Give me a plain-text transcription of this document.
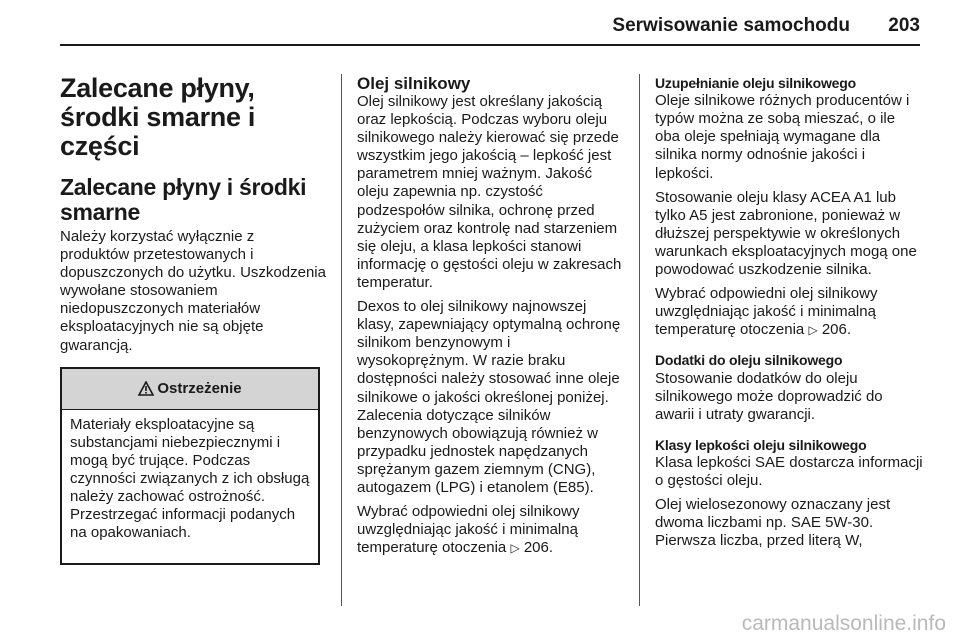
Serwisowanie samochodu 203
Zalecane płyny, środki smarne i części
Zalecane płyny i środki smarne

Należy korzystać wyłącznie z produktów przetestowanych i dopuszczonych do użytku. Uszkodzenia wywołane stosowaniem niedopuszczonych materiałów eksploatacyjnych nie są objęte gwarancją.

Ostrzeżenie

Materiały eksploatacyjne są substancjami niebezpiecznymi i mogą być trujące. Podczas czynności związanych z ich obsługą należy zachować ostrożność. Przestrzegać informacji podanych na opakowaniach.

Olej silnikowy

Olej silnikowy jest określany jakością oraz lepkością. Podczas wyboru oleju silnikowego należy kierować się przede wszystkim jego jakością – lepkość jest parametrem mniej ważnym. Jakość oleju zapewnia np. czystość podzespołów silnika, ochronę przed zużyciem oraz kontrolę nad starzeniem się oleju, a klasa lepkości stanowi informację o gęstości oleju w zakresach temperatur.

Dexos to olej silnikowy najnowszej klasy, zapewniający optymalną ochronę silnikom benzynowym i wysokoprężnym. W razie braku dostępności należy stosować inne oleje silnikowe o jakości określonej poniżej. Zalecenia dotyczące silników benzynowych obowiązują również w przypadku jednostek napędzanych sprężanym gazem ziemnym (CNG), autogazem (LPG) i etanolem (E85).

Wybrać odpowiedni olej silnikowy uwzględniając jakość i minimalną temperaturę otoczenia ▷ 206.

Uzupełnianie oleju silnikowego

Oleje silnikowe różnych producentów i typów można ze sobą mieszać, o ile oba oleje spełniają wymagane dla silnika normy odnośnie jakości i lepkości.

Stosowanie oleju klasy ACEA A1 lub tylko A5 jest zabronione, ponieważ w dłuższej perspektywie w określonych warunkach eksploatacyjnych mogą one powodować uszkodzenie silnika.

Wybrać odpowiedni olej silnikowy uwzględniając jakość i minimalną temperaturę otoczenia ▷ 206.

Dodatki do oleju silnikowego

Stosowanie dodatków do oleju silnikowego może doprowadzić do awarii i utraty gwarancji.

Klasy lepkości oleju silnikowego

Klasa lepkości SAE dostarcza informacji o gęstości oleju.

Olej wielosezonowy oznaczany jest dwoma liczbami np. SAE 5W-30. Pierwsza liczba, przed literą W,

carmanualsonline.info
